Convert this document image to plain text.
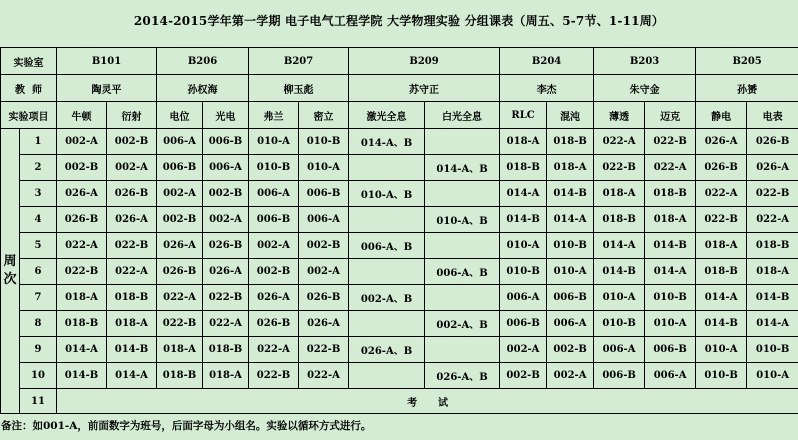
2014-2015学年第一学期 电子电气工程学院 大学物理实验 分组课表（周五、5-7节、1-11周）
实验室		B101		B206		B207		B209		B204		B203		B205	
教  师		陶灵平		孙权海		柳玉彪		苏守正		李杰		朱守金		孙赟	
实验项目		牛顿	衍射	电位	光电	弗兰	密立	激光全息	白光全息	RLC	混沌	薄透	迈克	静电	电表

周
次	1	002-A	002-B	006-A	006-B	010-A	010-B	014-A、B		018-A	018-B	022-A	022-B	026-A	026-B
	2	002-B	002-A	006-B	006-A	010-B	010-A		014-A、B	018-B	018-A	022-B	022-A	026-B	026-A
	3	026-A	026-B	002-A	002-B	006-A	006-B	010-A、B		014-A	014-B	018-A	018-B	022-A	022-B
	4	026-B	026-A	002-B	002-A	006-B	006-A		010-A、B	014-B	014-A	018-B	018-A	022-B	022-A
	5	022-A	022-B	026-A	026-B	002-A	002-B	006-A、B		010-A	010-B	014-A	014-B	018-A	018-B
	6	022-B	022-A	026-B	026-A	002-B	002-A		006-A、B	010-B	010-A	014-B	014-A	018-B	018-A
	7	018-A	018-B	022-A	022-B	026-A	026-B	002-A、B		006-A	006-B	010-A	010-B	014-A	014-B
	8	018-B	018-A	022-B	022-A	026-B	026-A		002-A、B	006-B	006-A	010-B	010-A	014-B	014-A
	9	014-A	014-B	018-A	018-B	022-A	022-B	026-A、B		002-A	002-B	006-A	006-B	010-A	010-B
	10	014-B	014-A	018-B	018-A	022-B	022-A		026-A、B	002-B	002-A	006-B	006-A	010-B	010-A
	11	考      试													
备注：如001-A，前面数字为班号，后面字母为小组名。实验以循环方式进行。
